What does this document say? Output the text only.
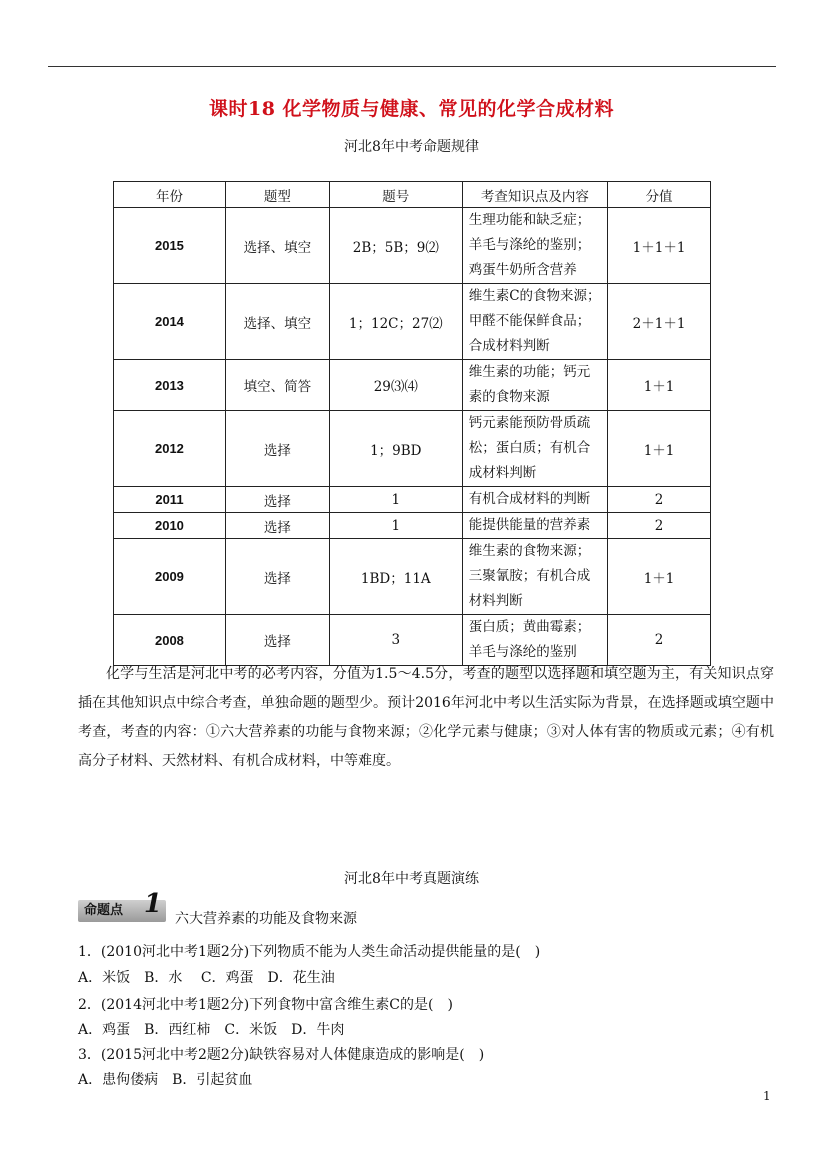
课时18 化学物质与健康、常见的化学合成材料
河北8年中考命题规律
年份	题型	题号	考查知识点及内容	分值
2015	选择、填空	2B；5B；9⑵	生理功能和缺乏症；羊毛与涤纶的鉴别；鸡蛋牛奶所含营养	1＋1＋1
2014	选择、填空	1；12C；27⑵	维生素C的食物来源；甲醛不能保鲜食品；合成材料判断	2＋1＋1
2013	填空、简答	29⑶⑷	维生素的功能；钙元素的食物来源	1＋1
2012	选择	1；9BD	钙元素能预防骨质疏松；蛋白质；有机合成材料判断	1＋1
2011	选择	1	有机合成材料的判断	2
2010	选择	1	能提供能量的营养素	2
2009	选择	1BD；11A	维生素的食物来源；三聚氰胺；有机合成材料判断	1＋1
2008	选择	3	蛋白质；黄曲霉素；羊毛与涤纶的鉴别	2
化学与生活是河北中考的必考内容，分值为1.5～4.5分，考查的题型以选择题和填空题为主，有关知识点穿插在其他知识点中综合考查，单独命题的题型少。预计2016年河北中考以生活实际为背景，在选择题或填空题中考查，考查的内容：①六大营养素的功能与食物来源；②化学元素与健康；③对人体有害的物质或元素；④有机高分子材料、天然材料、有机合成材料，中等难度。
河北8年中考真题演练
命题点 1 六大营养素的功能及食物来源
1．(2010河北中考1题2分)下列物质不能为人类生命活动提供能量的是(　)
A．米饭　B．水　 C．鸡蛋　D．花生油
2．(2014河北中考1题2分)下列食物中富含维生素C的是(　)
A．鸡蛋　B．西红柿　C．米饭　D．牛肉
3．(2015河北中考2题2分)缺铁容易对人体健康造成的影响是(　)
A．患佝偻病　B．引起贫血
1
